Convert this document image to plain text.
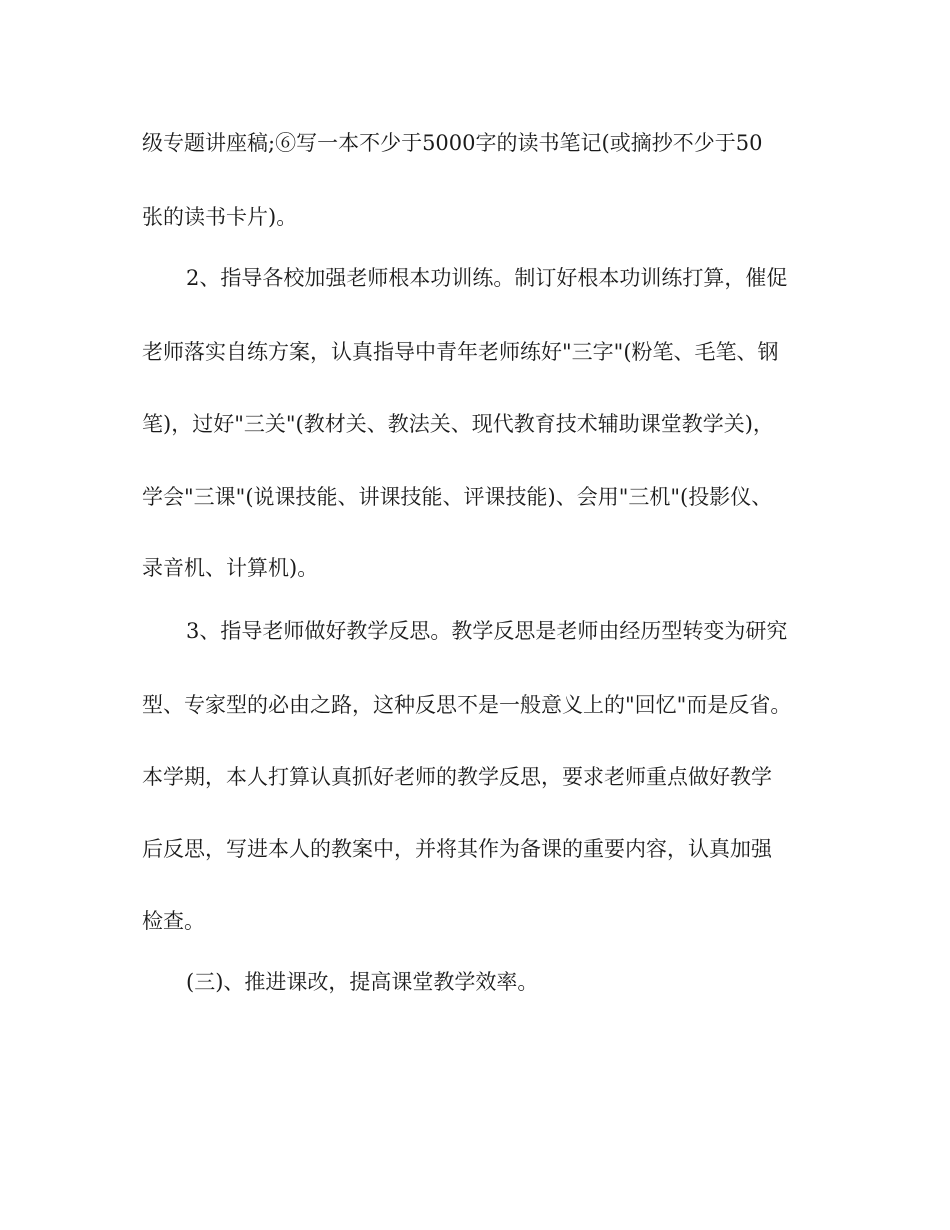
级专题讲座稿;⑥写一本不少于5000字的读书笔记(或摘抄不少于50
张的读书卡片)。
2、指导各校加强老师根本功训练。制订好根本功训练打算，催促
老师落实自练方案，认真指导中青年老师练好"三字"(粉笔、毛笔、钢
笔)，过好"三关"(教材关、教法关、现代教育技术辅助课堂教学关)，
学会"三课"(说课技能、讲课技能、评课技能)、会用"三机"(投影仪、
录音机、计算机)。
3、指导老师做好教学反思。教学反思是老师由经历型转变为研究
型、专家型的必由之路，这种反思不是一般意义上的"回忆"而是反省。
本学期，本人打算认真抓好老师的教学反思，要求老师重点做好教学
后反思，写进本人的教案中，并将其作为备课的重要内容，认真加强
检查。
(三)、推进课改，提高课堂教学效率。
